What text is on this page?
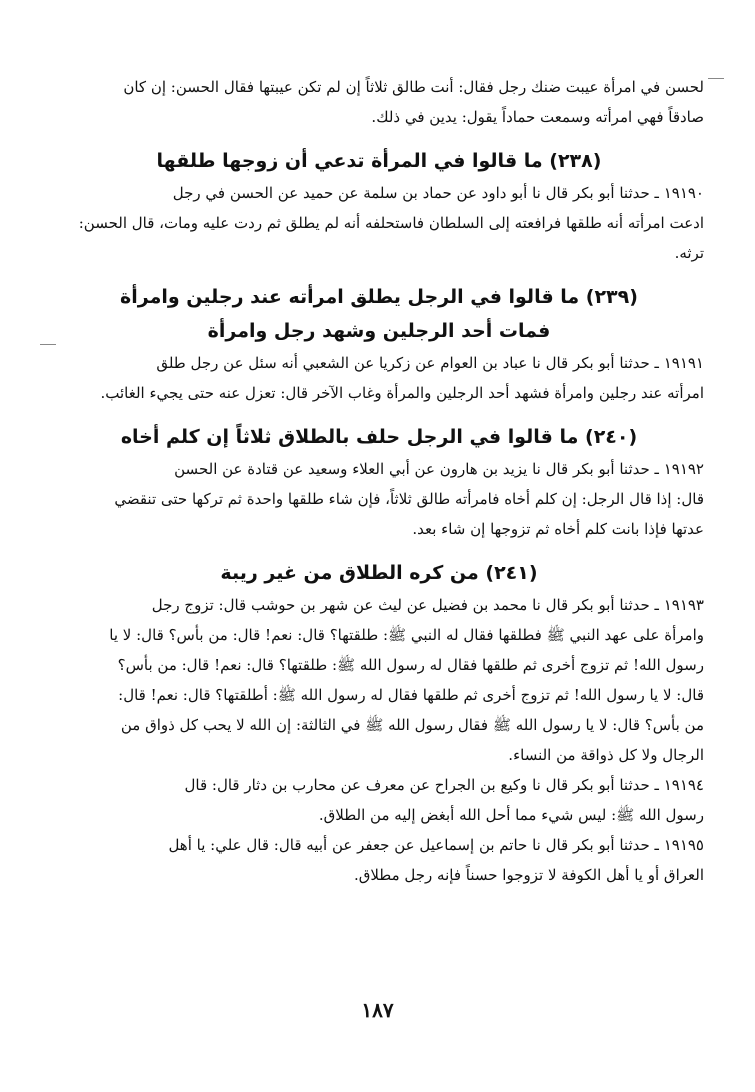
لحسن في امرأة عيبت ضنك رجل فقال: أنت طالق ثلاثاً إن لم تكن عيبتها فقال الحسن: إن كان

صادقاً فهي امرأته وسمعت حماداً يقول: يدين في ذلك.

(٢٣٨) ما قالوا في المرأة تدعي أن زوجها طلقها

١٩١٩٠ ـ حدثنا أبو بكر قال نا أبو داود عن حماد بن سلمة عن حميد عن الحسن في رجل

ادعت امرأته أنه طلقها فرافعته إلى السلطان فاستحلفه أنه لم يطلق ثم ردت عليه ومات، قال الحسن:

ترثه.

(٢٣٩) ما قالوا في الرجل يطلق امرأته عند رجلين وامرأة

فمات أحد الرجلين وشهد رجل وامرأة

١٩١٩١ ـ حدثنا أبو بكر قال نا عباد بن العوام عن زكريا عن الشعبي أنه سئل عن رجل طلق

امرأته عند رجلين وامرأة فشهد أحد الرجلين والمرأة وغاب الآخر قال: تعزل عنه حتى يجيء الغائب.

(٢٤٠) ما قالوا في الرجل حلف بالطلاق ثلاثاً إن كلم أخاه

١٩١٩٢ ـ حدثنا أبو بكر قال نا يزيد بن هارون عن أبي العلاء وسعيد عن قتادة عن الحسن

قال: إذا قال الرجل: إن كلم أخاه فامرأته طالق ثلاثاً، فإن شاء طلقها واحدة ثم تركها حتى تنقضي

عدتها فإذا بانت كلم أخاه ثم تزوجها إن شاء بعد.

(٢٤١) من كره الطلاق من غير ريبة

١٩١٩٣ ـ حدثنا أبو بكر قال نا محمد بن فضيل عن ليث عن شهر بن حوشب قال: تزوج رجل

وامرأة على عهد النبي ﷺ فطلقها فقال له النبي ﷺ: طلقتها؟ قال: نعم! قال: من بأس؟ قال: لا يا

رسول الله! ثم تزوج أخرى ثم طلقها فقال له رسول الله ﷺ: طلقتها؟ قال: نعم! قال: من بأس؟

قال: لا يا رسول الله! ثم تزوج أخرى ثم طلقها فقال له رسول الله ﷺ: أطلقتها؟ قال: نعم! قال:

من بأس؟ قال: لا يا رسول الله ﷺ فقال رسول الله ﷺ في الثالثة: إن الله لا يحب كل ذواق من

الرجال ولا كل ذواقة من النساء.

١٩١٩٤ ـ حدثنا أبو بكر قال نا وكيع بن الجراح عن معرف عن محارب بن دثار قال: قال

رسول الله ﷺ: ليس شيء مما أحل الله أبغض إليه من الطلاق.

١٩١٩٥ ـ حدثنا أبو بكر قال نا حاتم بن إسماعيل عن جعفر عن أبيه قال: قال علي: يا أهل

العراق أو يا أهل الكوفة لا تزوجوا حسناً فإنه رجل مطلاق.

١٨٧
